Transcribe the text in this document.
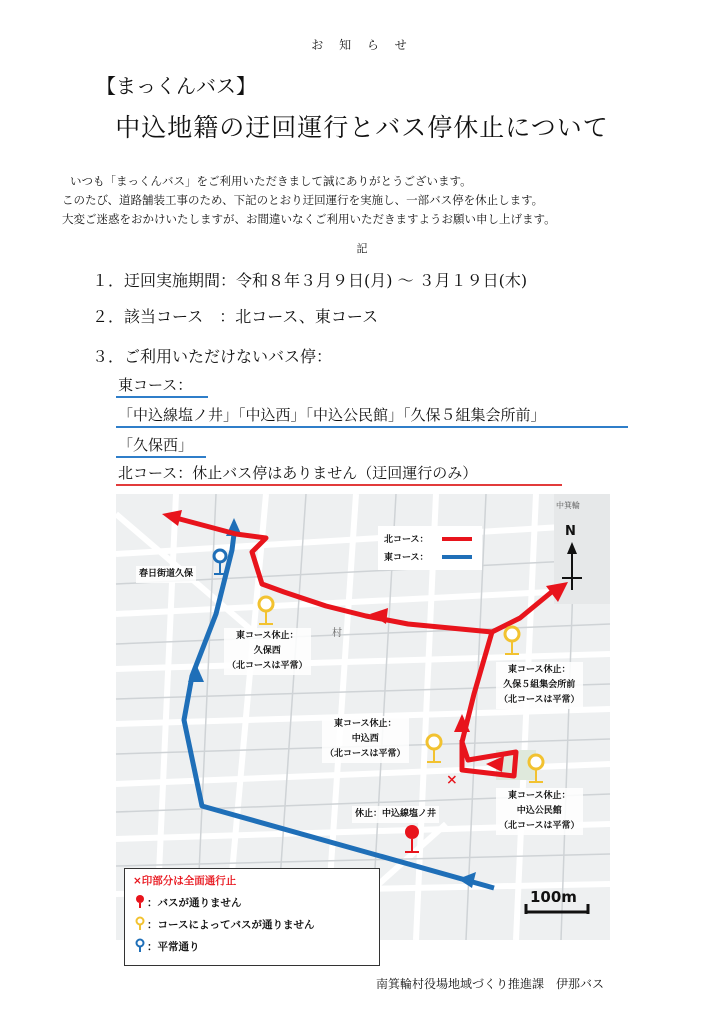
お 知 ら せ
【まっくんバス】
中込地籍の迂回運行とバス停休止について
いつも「まっくんバス」をご利用いただきまして誠にありがとうございます。
このたび、道路舗装工事のため、下記のとおり迂回運行を実施し、一部バス停を休止します。
大変ご迷惑をおかけいたしますが、お間違いなくご利用いただきますようお願い申し上げます。
記
１．迂回実施期間：令和８年３月９日(月) ～ ３月１９日(木)
２．該当コース　：北コース、東コース
３．ご利用いただけないバス停：
東コース：
「中込線塩ノ井」「中込西」「中込公民館」「久保５組集会所前」
「久保西」
北コース：休止バス停はありません（迂回運行のみ）
×
北コース：
東コース：
N
中箕輪
村
春日街道久保
東コース休止：
久保西
（北コースは平常）	東コース休止：
久保５組集会所前
（北コースは平常）
東コース休止：
中込西
（北コースは平常）
東コース休止：
中込公民館
（北コースは平常）
休止：中込線塩ノ井
100m
×印部分は全面通行止
：バスが通りません
：コースによってバスが通りません
：平常通り
南箕輪村役場地域づくり推進課　伊那バス
